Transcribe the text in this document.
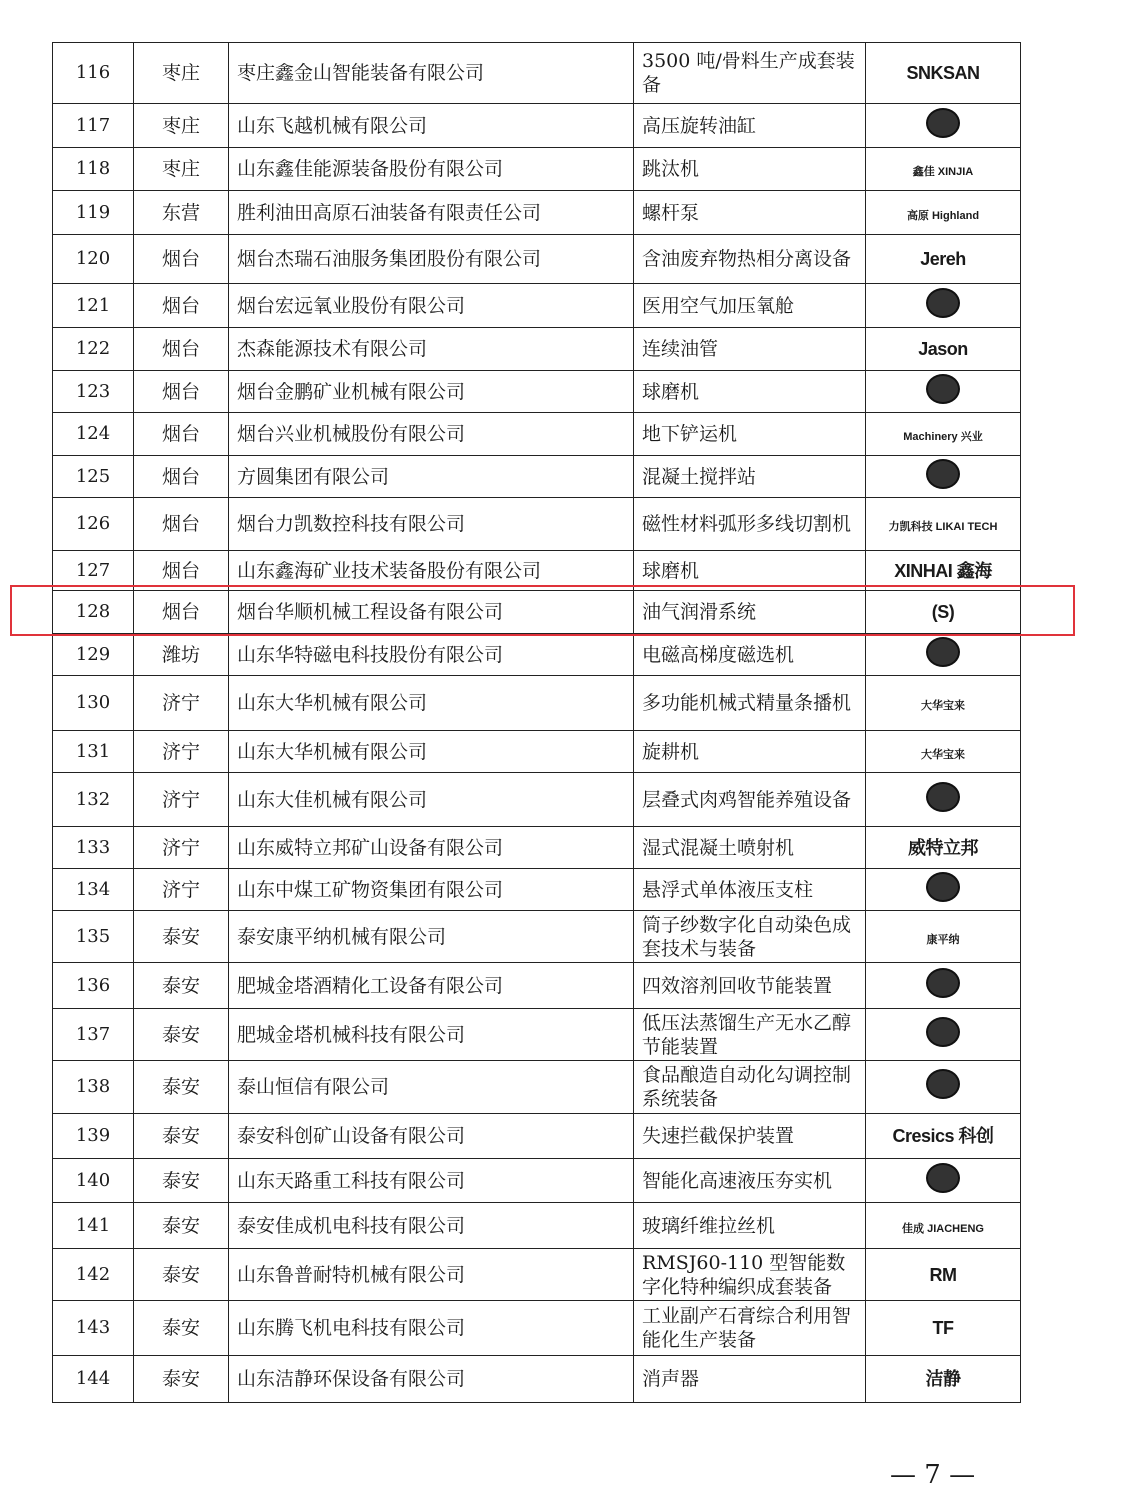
116	枣庄	枣庄鑫金山智能装备有限公司	3500 吨/骨料生产成套装备	SNKSAN
117	枣庄	山东飞越机械有限公司	高压旋转油缸	
118	枣庄	山东鑫佳能源装备股份有限公司	跳汰机	鑫佳 XINJIA
119	东营	胜利油田高原石油装备有限责任公司	螺杆泵	高原 Highland
120	烟台	烟台杰瑞石油服务集团股份有限公司	含油废弃物热相分离设备	Jereh
121	烟台	烟台宏远氧业股份有限公司	医用空气加压氧舱	
122	烟台	杰森能源技术有限公司	连续油管	Jason
123	烟台	烟台金鹏矿业机械有限公司	球磨机	
124	烟台	烟台兴业机械股份有限公司	地下铲运机	Machinery 兴业
125	烟台	方圆集团有限公司	混凝土搅拌站	
126	烟台	烟台力凯数控科技有限公司	磁性材料弧形多线切割机	力凯科技 LIKAI TECH
127	烟台	山东鑫海矿业技术装备股份有限公司	球磨机	XINHAI 鑫海
128	烟台	烟台华顺机械工程设备有限公司	油气润滑系统	(S)
129	潍坊	山东华特磁电科技股份有限公司	电磁高梯度磁选机	
130	济宁	山东大华机械有限公司	多功能机械式精量条播机	大华宝来
131	济宁	山东大华机械有限公司	旋耕机	大华宝来
132	济宁	山东大佳机械有限公司	层叠式肉鸡智能养殖设备	
133	济宁	山东威特立邦矿山设备有限公司	湿式混凝土喷射机	威特立邦
134	济宁	山东中煤工矿物资集团有限公司	悬浮式单体液压支柱	
135	泰安	泰安康平纳机械有限公司	筒子纱数字化自动染色成套技术与装备	康平纳
136	泰安	肥城金塔酒精化工设备有限公司	四效溶剂回收节能装置	
137	泰安	肥城金塔机械科技有限公司	低压法蒸馏生产无水乙醇节能装置	
138	泰安	泰山恒信有限公司	食品酿造自动化勾调控制系统装备	
139	泰安	泰安科创矿山设备有限公司	失速拦截保护装置	Cresics 科创
140	泰安	山东天路重工科技有限公司	智能化高速液压夯实机	
141	泰安	泰安佳成机电科技有限公司	玻璃纤维拉丝机	佳成 JIACHENG
142	泰安	山东鲁普耐特机械有限公司	RMSJ60-110 型智能数字化特种编织成套装备	RM
143	泰安	山东腾飞机电科技有限公司	工业副产石膏综合利用智能化生产装备	TF
144	泰安	山东洁静环保设备有限公司	消声器	洁静
— 7 —
